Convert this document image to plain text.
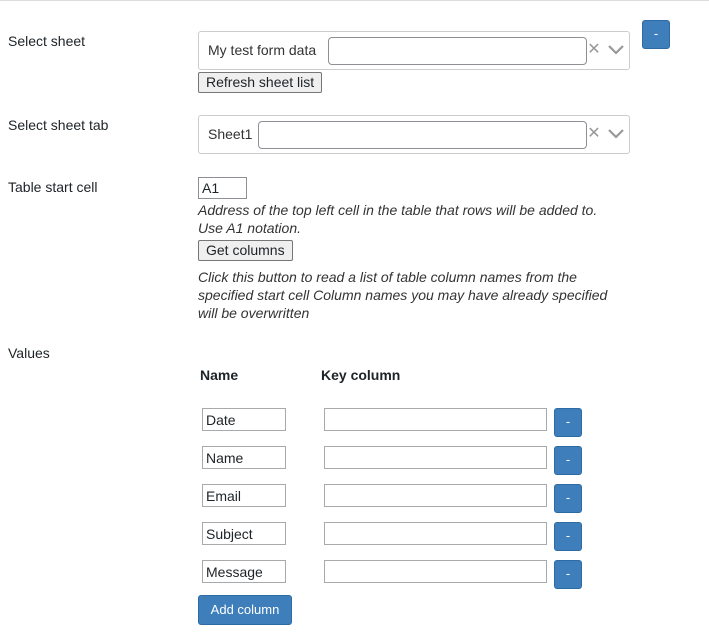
-
Select sheet
My test form data	✕
Refresh sheet list
Select sheet tab
Sheet1	✕
Table start cell
A1
Address of the top left cell in the table that rows will be added to.
Use A1 notation.
Get columns
Click this button to read a list of table column names from the
specified start cell Column names you may have already specified
will be overwritten
Values
Name	Key column
Date
-
Name
-
Email
-
Subject
-
Message
-
Add column
